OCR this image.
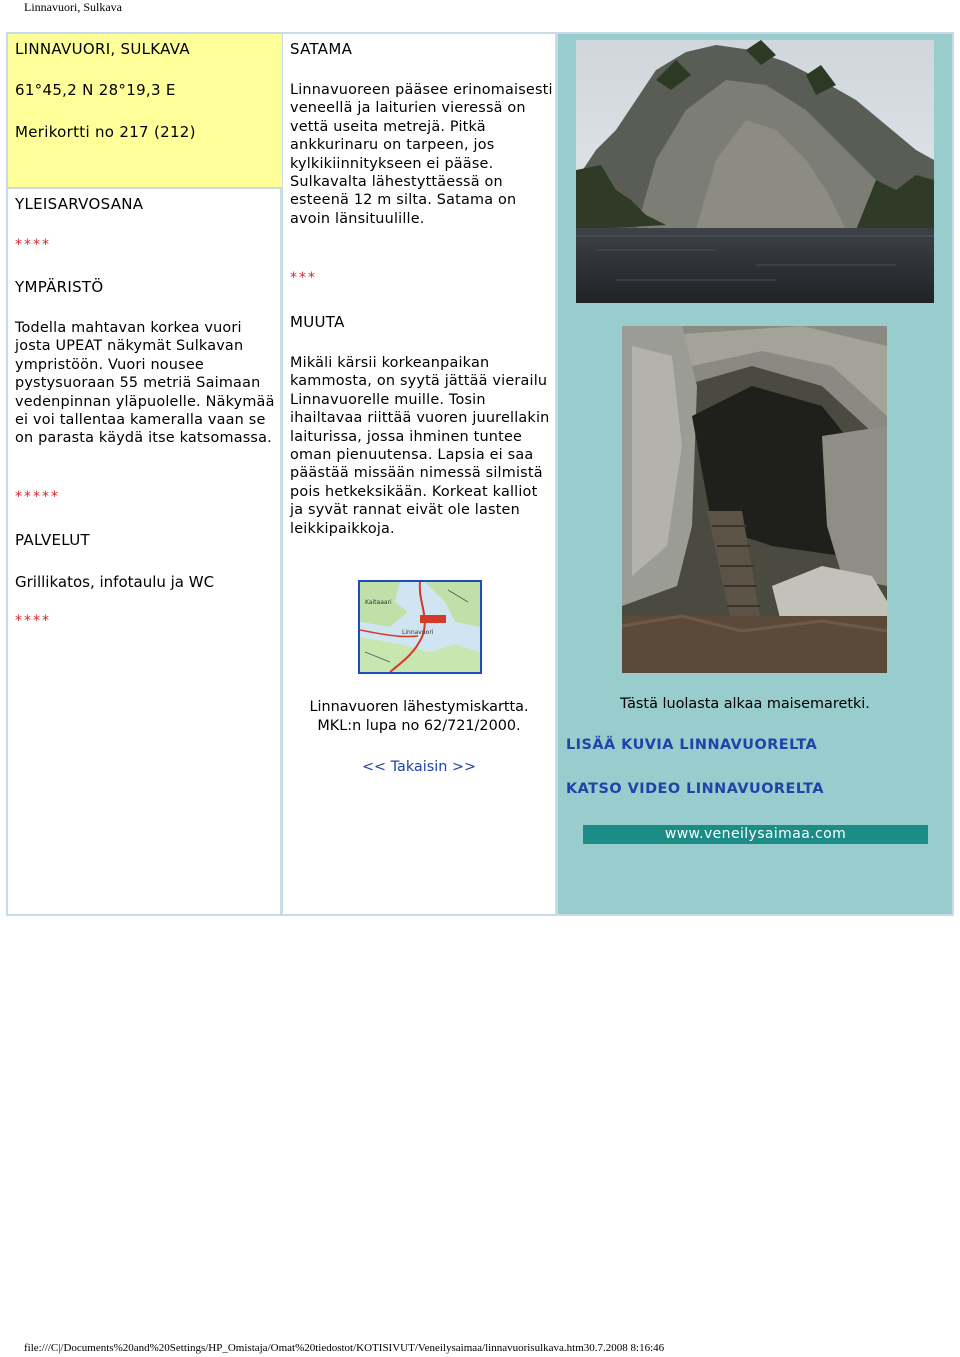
Linnavuori, Sulkava

LINNAVUORI, SULKAVA

61°45,2 N 28°19,3 E

Merikortti no 217 (212)

YLEISARVOSANA

****

YMPÄRISTÖ

Todella mahtavan korkea vuori josta UPEAT näkymät Sulkavan ympristöön. Vuori nousee pystysuoraan 55 metriä Saimaan vedenpinnan yläpuolelle. Näkymää ei voi tallentaa kameralla vaan se on parasta käydä itse katsomassa.

*****

PALVELUT

Grillikatos, infotaulu ja WC

****

SATAMA

Linnavuoreen pääsee erinomaisesti veneellä ja laiturien vieressä on vettä useita metrejä. Pitkä ankkurinaru on tarpeen, jos kylkikiinnitykseen ei pääse. Sulkavalta lähestyttäessä on esteenä 12 m silta. Satama on avoin länsituulille.

***

MUUTA

Mikäli kärsii korkeanpaikan kammosta, on syytä jättää vierailu Linnavuorelle muille. Tosin ihailtavaa riittää vuoren juurellakin laiturissa, jossa ihminen tuntee oman pienuutensa. Lapsia ei saa päästää missään nimessä silmistä pois hetkeksikään. Korkeat kalliot ja syvät rannat eivät ole lasten leikkipaikkoja.

Linnavuoren lähestymiskartta.

MKL:n lupa no 62/721/2000.

<< Takaisin >>
Kaitaaari
Linnavuori

Tästä luolasta alkaa maisemaretki.

LISÄÄ KUVIA LINNAVUORELTA
KATSO VIDEO LINNAVUORELTA
www.veneilysaimaa.com
file:///C|/Documents%20and%20Settings/HP_Omistaja/Omat%20tiedostot/KOTISIVUT/Veneilysaimaa/linnavuorisulkava.htm30.7.2008 8:16:46
